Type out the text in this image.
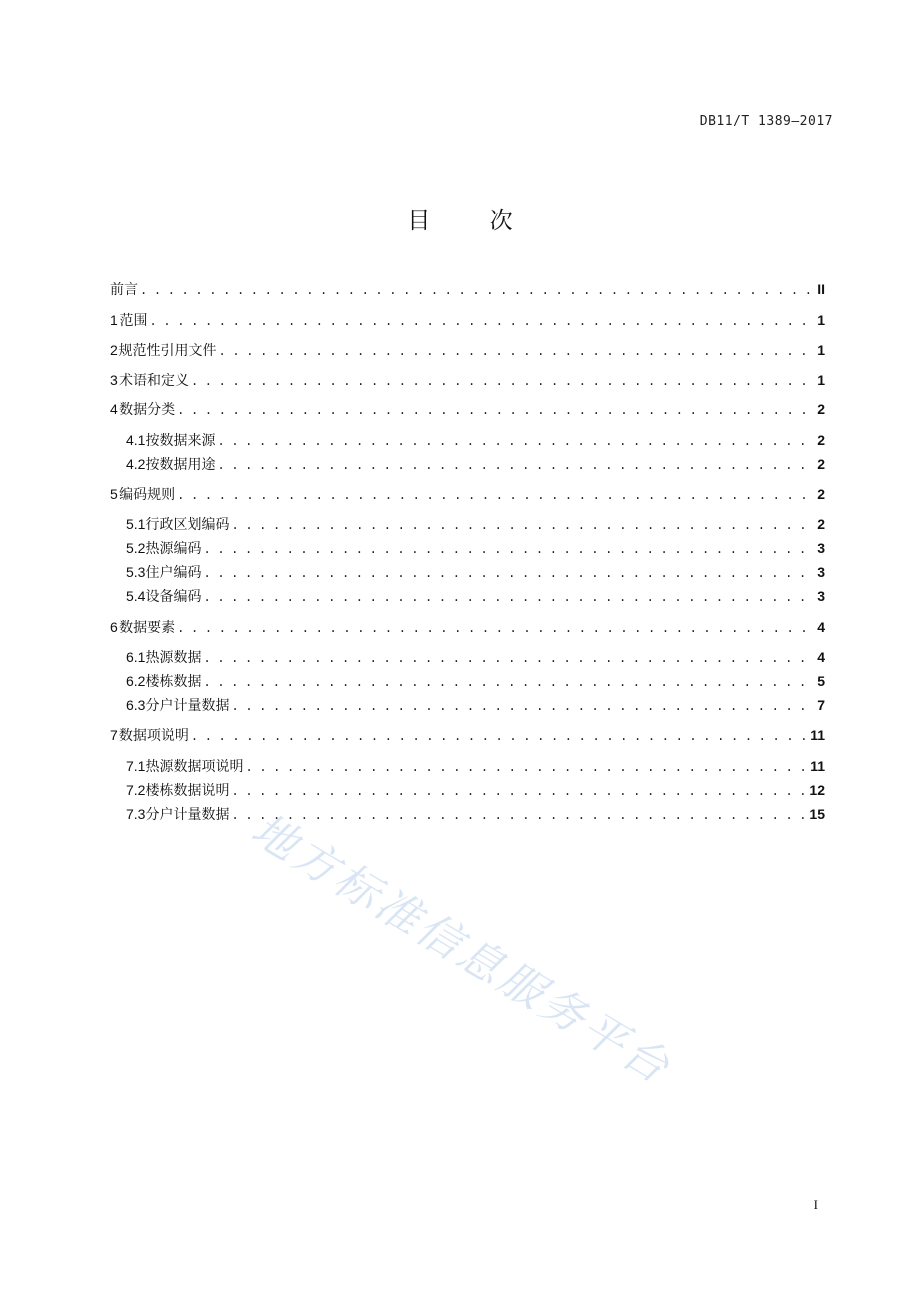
DB11/T 1389—2017
目 次
前言 . . .	II
1 范围 . . .	1
2 规范性引用文件 . . .	1
3 术语和定义 . . .	1
4 数据分类 . . .	2
4.1 按数据来源 . . .	2
4.2 按数据用途 . . .	2
5 编码规则 . . .	2
5.1 行政区划编码 . . .	2
5.2 热源编码 . . .	3
5.3 住户编码 . . .	3
5.4 设备编码 . . .	3
6 数据要素 . . .	4
6.1 热源数据 . . .	4
6.2 楼栋数据 . . .	5
6.3 分户计量数据 . . .	7
7 数据项说明 . . .	11
7.1 热源数据项说明 . . .	11
7.2 楼栋数据说明 . . .	12
7.3 分户计量数据 . . .	15
I
地方标准信息服务平台
